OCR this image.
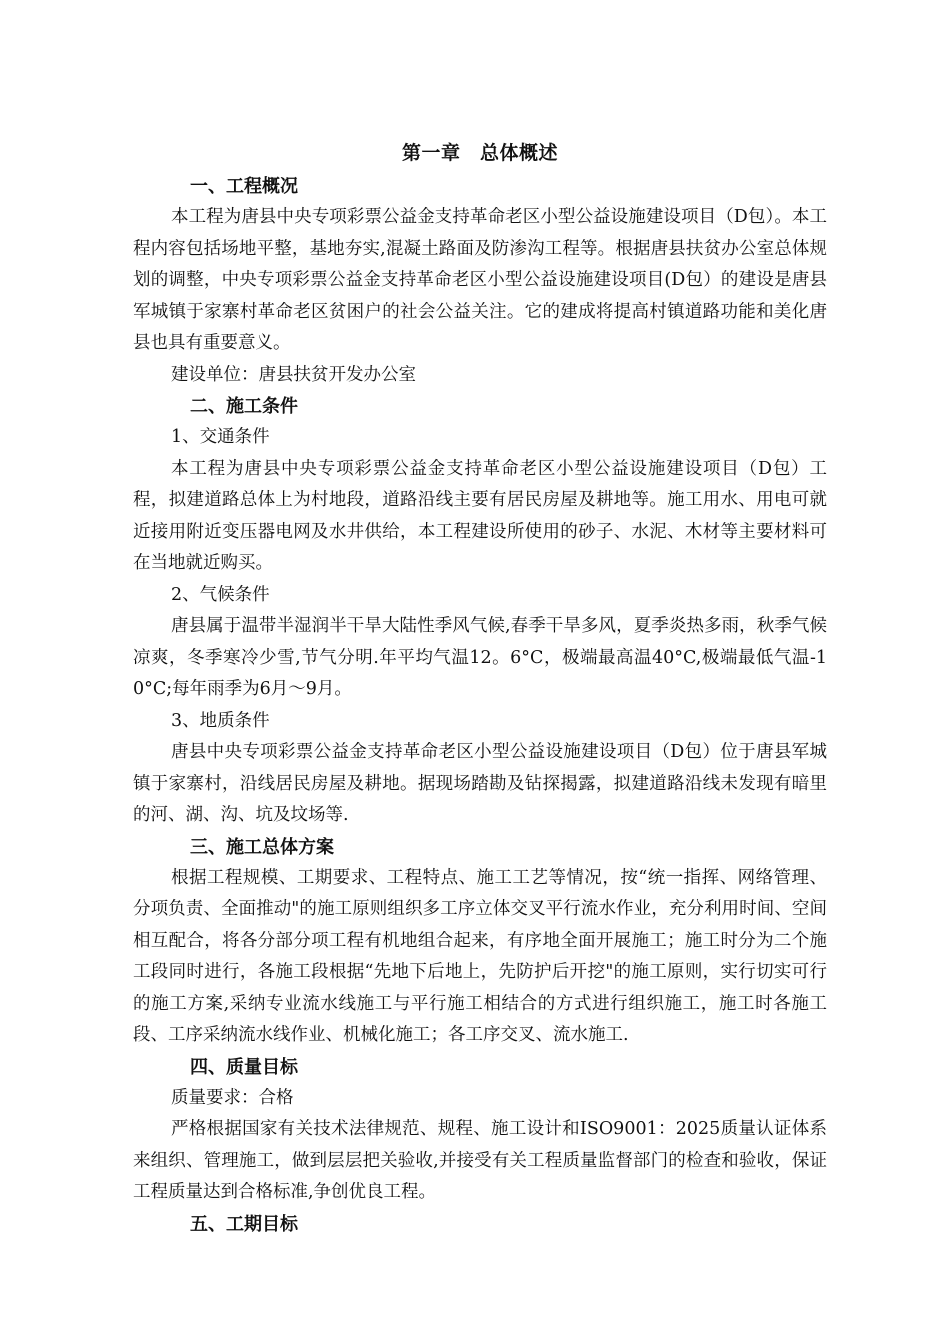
第一章　总体概述
一、工程概况

本工程为唐县中央专项彩票公益金支持革命老区小型公益设施建设项目（D包）。本工程内容包括场地平整，基地夯实,混凝土路面及防渗沟工程等。根据唐县扶贫办公室总体规划的调整，中央专项彩票公益金支持革命老区小型公益设施建设项目(D包）的建设是唐县军城镇于家寨村革命老区贫困户的社会公益关注。它的建成将提高村镇道路功能和美化唐县也具有重要意义。

建设单位：唐县扶贫开发办公室

二、施工条件

1、交通条件

本工程为唐县中央专项彩票公益金支持革命老区小型公益设施建设项目（D包）工程，拟建道路总体上为村地段，道路沿线主要有居民房屋及耕地等。施工用水、用电可就近接用附近变压器电网及水井供给，本工程建设所使用的砂子、水泥、木材等主要材料可在当地就近购买。

2、气候条件

唐县属于温带半湿润半干旱大陆性季风气候,春季干旱多风，夏季炎热多雨，秋季气候凉爽，冬季寒冷少雪,节气分明.年平均气温12。6°C，极端最高温40°C,极端最低气温-10°C;每年雨季为6月～9月。

3、地质条件

唐县中央专项彩票公益金支持革命老区小型公益设施建设项目（D包）位于唐县军城镇于家寨村，沿线居民房屋及耕地。据现场踏勘及钻探揭露，拟建道路沿线未发现有暗里的河、湖、沟、坑及坟场等.

三、施工总体方案

根据工程规模、工期要求、工程特点、施工工艺等情况，按“统一指挥、网络管理、分项负责、全面推动"的施工原则组织多工序立体交叉平行流水作业，充分利用时间、空间相互配合，将各分部分项工程有机地组合起来，有序地全面开展施工；施工时分为二个施工段同时进行，各施工段根据“先地下后地上，先防护后开挖"的施工原则，实行切实可行的施工方案,采纳专业流水线施工与平行施工相结合的方式进行组织施工，施工时各施工段、工序采纳流水线作业、机械化施工；各工序交叉、流水施工.

四、质量目标

质量要求：合格

严格根据国家有关技术法律规范、规程、施工设计和ISO9001：2025质量认证体系来组织、管理施工，做到层层把关验收,并接受有关工程质量监督部门的检查和验收，保证工程质量达到合格标准,争创优良工程。

五、工期目标
